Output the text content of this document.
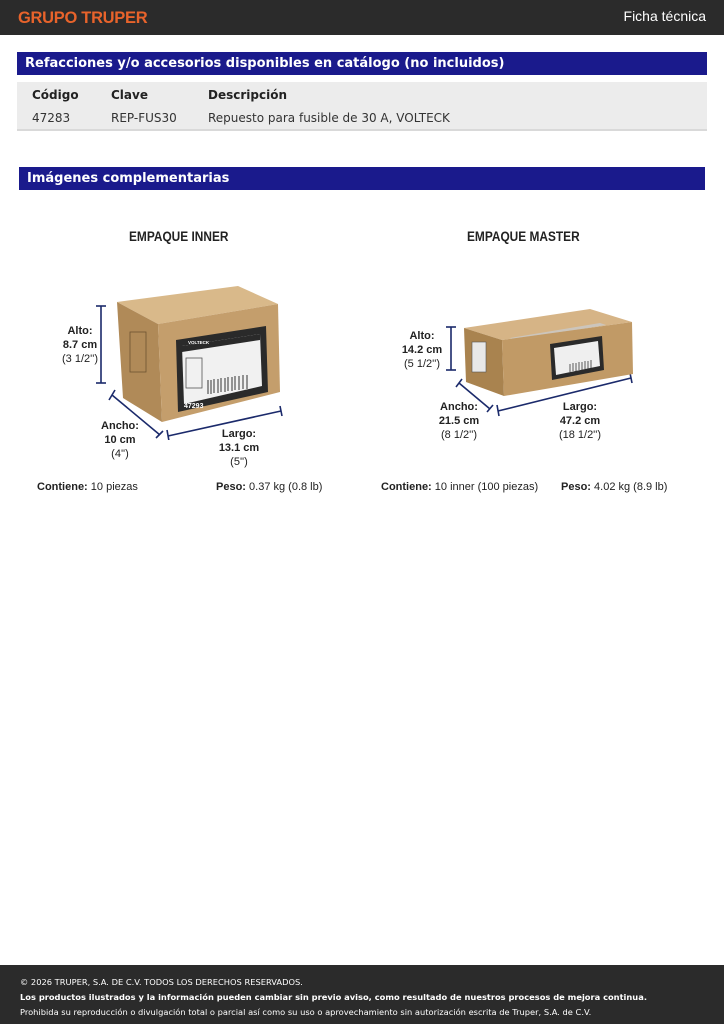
GRUPO TRUPER	Ficha técnica
Refacciones y/o accesorios disponibles en catálogo (no incluidos)
Código	Clave	Descripción
47283	REP-FUS30	Repuesto para fusible de 30 A, VOLTECK
Imágenes complementarias
EMPAQUE INNER
47293
VOLTECK
Alto:
8.7 cm
(3 1/2'')
Ancho:
10 cm
(4'')
Largo:
13.1 cm
(5'')
Contiene: 10 piezas	Peso: 0.37 kg (0.8 lb)
EMPAQUE MASTER
Alto:
14.2 cm
(5 1/2'')
Ancho:
21.5 cm
(8 1/2'')
Largo:
47.2 cm
(18 1/2'')
Contiene: 10 inner (100 piezas) Peso: 4.02 kg (8.9 lb)
© 2026 TRUPER, S.A. DE C.V. TODOS LOS DERECHOS RESERVADOS.
Los productos ilustrados y la información pueden cambiar sin previo aviso, como resultado de nuestros procesos de mejora continua.
Prohibida su reproducción o divulgación total o parcial así como su uso o aprovechamiento sin autorización escrita de Truper, S.A. de C.V.
